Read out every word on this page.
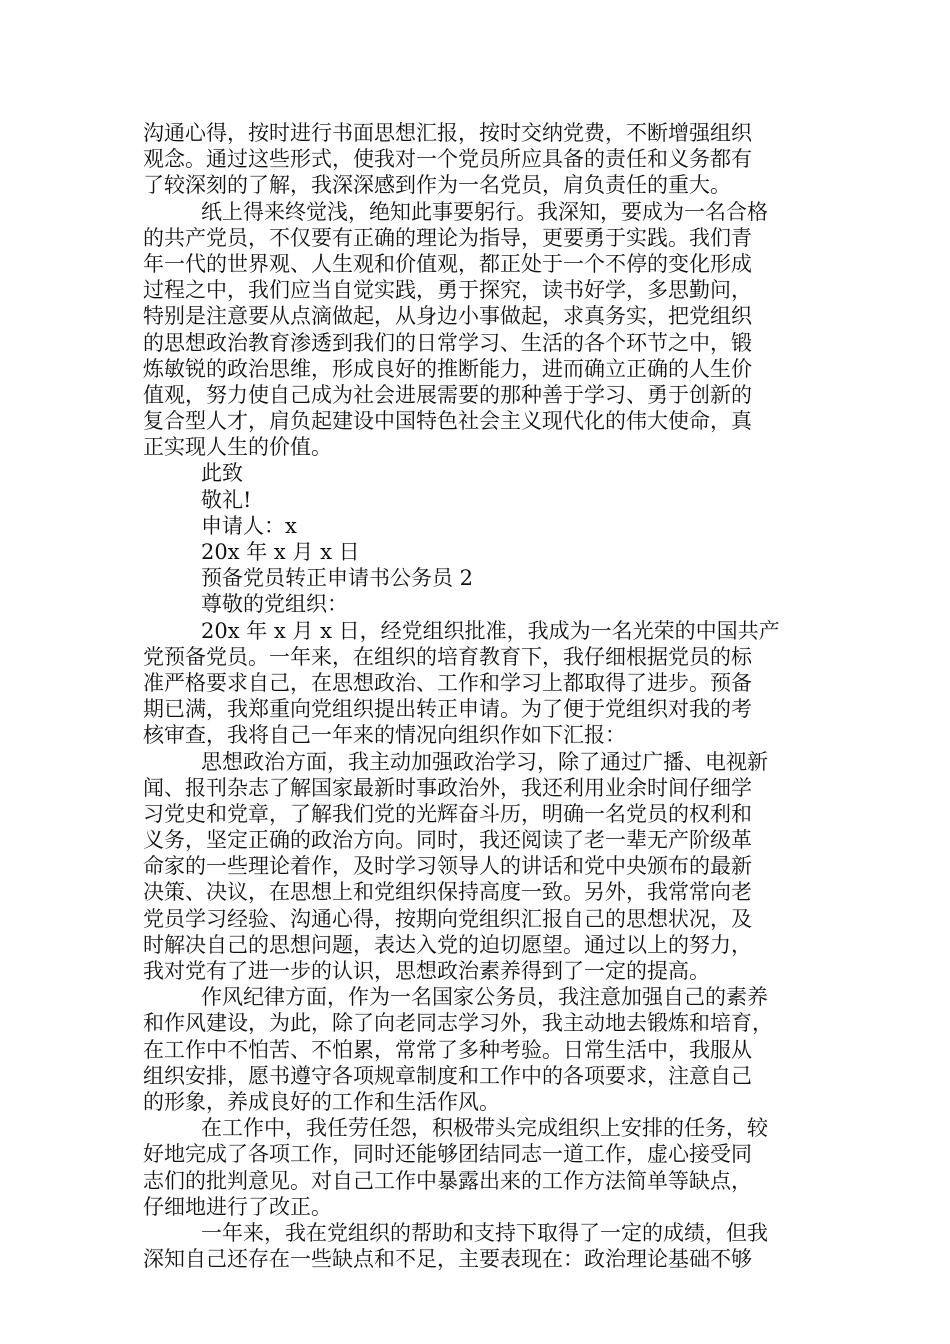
沟通心得，按时进行书面思想汇报，按时交纳党费，不断增强组织
观念。通过这些形式，使我对一个党员所应具备的责任和义务都有
了较深刻的了解，我深深感到作为一名党员，肩负责任的重大。
纸上得来终觉浅，绝知此事要躬行。我深知，要成为一名合格
的共产党员，不仅要有正确的理论为指导，更要勇于实践。我们青
年一代的世界观、人生观和价值观，都正处于一个不停的变化形成
过程之中，我们应当自觉实践，勇于探究，读书好学，多思勤问，
特别是注意要从点滴做起，从身边小事做起，求真务实，把党组织
的思想政治教育渗透到我们的日常学习、生活的各个环节之中，锻
炼敏锐的政治思维，形成良好的推断能力，进而确立正确的人生价
值观，努力使自己成为社会进展需要的那种善于学习、勇于创新的
复合型人才，肩负起建设中国特色社会主义现代化的伟大使命，真
正实现人生的价值。
此致
敬礼!
申请人：x
20x 年 x 月 x 日
预备党员转正申请书公务员 2
尊敬的党组织：
20x 年 x 月 x 日，经党组织批准，我成为一名光荣的中国共产
党预备党员。一年来，在组织的培育教育下，我仔细根据党员的标
准严格要求自己，在思想政治、工作和学习上都取得了进步。预备
期已满，我郑重向党组织提出转正申请。为了便于党组织对我的考
核审查，我将自己一年来的情况向组织作如下汇报：
思想政治方面，我主动加强政治学习，除了通过广播、电视新
闻、报刊杂志了解国家最新时事政治外，我还利用业余时间仔细学
习党史和党章，了解我们党的光辉奋斗历，明确一名党员的权利和
义务，坚定正确的政治方向。同时，我还阅读了老一辈无产阶级革
命家的一些理论着作，及时学习领导人的讲话和党中央颁布的最新
决策、决议，在思想上和党组织保持高度一致。另外，我常常向老
党员学习经验、沟通心得，按期向党组织汇报自己的思想状况，及
时解决自己的思想问题，表达入党的迫切愿望。通过以上的努力，
我对党有了进一步的认识，思想政治素养得到了一定的提高。
作风纪律方面，作为一名国家公务员，我注意加强自己的素养
和作风建设，为此，除了向老同志学习外，我主动地去锻炼和培育，
在工作中不怕苦、不怕累，常常了多种考验。日常生活中，我服从
组织安排，愿书遵守各项规章制度和工作中的各项要求，注意自己
的形象，养成良好的工作和生活作风。
在工作中，我任劳任怨，积极带头完成组织上安排的任务，较
好地完成了各项工作，同时还能够团结同志一道工作，虚心接受同
志们的批判意见。对自己工作中暴露出来的工作方法简单等缺点，
仔细地进行了改正。
一年来，我在党组织的帮助和支持下取得了一定的成绩，但我
深知自己还存在一些缺点和不足，主要表现在：政治理论基础不够
